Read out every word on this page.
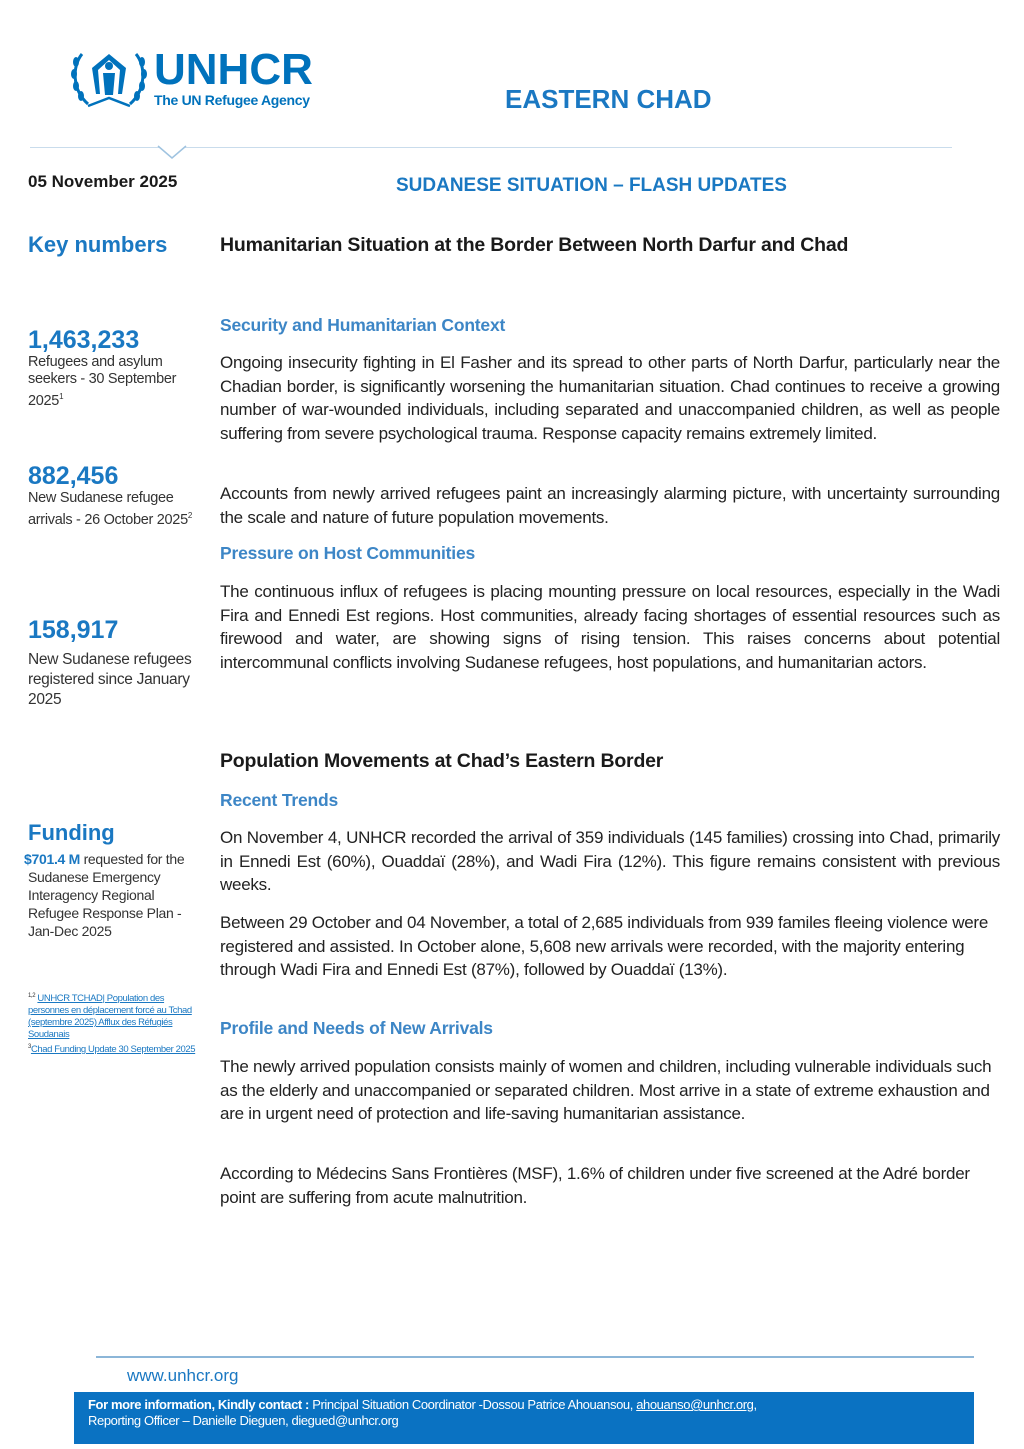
UNHCR
The UN Refugee Agency	EASTERN CHAD
05 November 2025	SUDANESE SITUATION – FLASH UPDATES
Key numbers
1,463,233
Refugees and asylum seekers - 30 September 2025$^1$
882,456
New Sudanese refugee arrivals - 26 October 2025$^2$
158,917
New Sudanese refugees registered since January 2025
Funding
$701.4 M requested for the Sudanese Emergency Interagency Regional Refugee Response Plan - Jan-Dec 2025
$^{1,2}$ UNHCR TCHAD| Population des personnes en déplacement forcé au Tchad (septembre 2025) Afflux des Réfugiés Soudanais
$^3$Chad Funding Update 30 September 2025
Humanitarian Situation at the Border Between North Darfur and Chad
Security and Humanitarian Context
Ongoing insecurity fighting in El Fasher and its spread to other parts of North Darfur, particularly near the Chadian border, is significantly worsening the humanitarian situation. Chad continues to receive a growing number of war-wounded individuals, including separated and unaccompanied children, as well as people suffering from severe psychological trauma. Response capacity remains extremely limited.
Accounts from newly arrived refugees paint an increasingly alarming picture, with uncertainty surrounding the scale and nature of future population movements.
Pressure on Host Communities
The continuous influx of refugees is placing mounting pressure on local resources, especially in the Wadi Fira and Ennedi Est regions. Host communities, already facing shortages of essential resources such as firewood and water, are showing signs of rising tension. This raises concerns about potential intercommunal conflicts involving Sudanese refugees, host populations, and humanitarian actors.
Population Movements at Chad’s Eastern Border
Recent Trends
On November 4, UNHCR recorded the arrival of 359 individuals (145 families) crossing into Chad, primarily in Ennedi Est (60%), Ouaddaï (28%), and Wadi Fira (12%). This figure remains consistent with previous weeks.
Between 29 October and 04 November, a total of 2,685 individuals from 939 familes fleeing violence were registered and assisted. In October alone, 5,608 new arrivals were recorded, with the majority entering through Wadi Fira and Ennedi Est (87%), followed by Ouaddaï (13%).
Profile and Needs of New Arrivals
The newly arrived population consists mainly of women and children, including vulnerable individuals such as the elderly and unaccompanied or separated children. Most arrive in a state of extreme exhaustion and are in urgent need of protection and life-saving humanitarian assistance.
According to Médecins Sans Frontières (MSF), 1.6% of children under five screened at the Adré border point are suffering from acute malnutrition.
www.unhcr.org
For more information, Kindly contact : Principal Situation Coordinator -Dossou Patrice Ahouansou, ahouanso@unhcr.org,
Reporting Officer – Danielle Dieguen, diegued@unhcr.org
